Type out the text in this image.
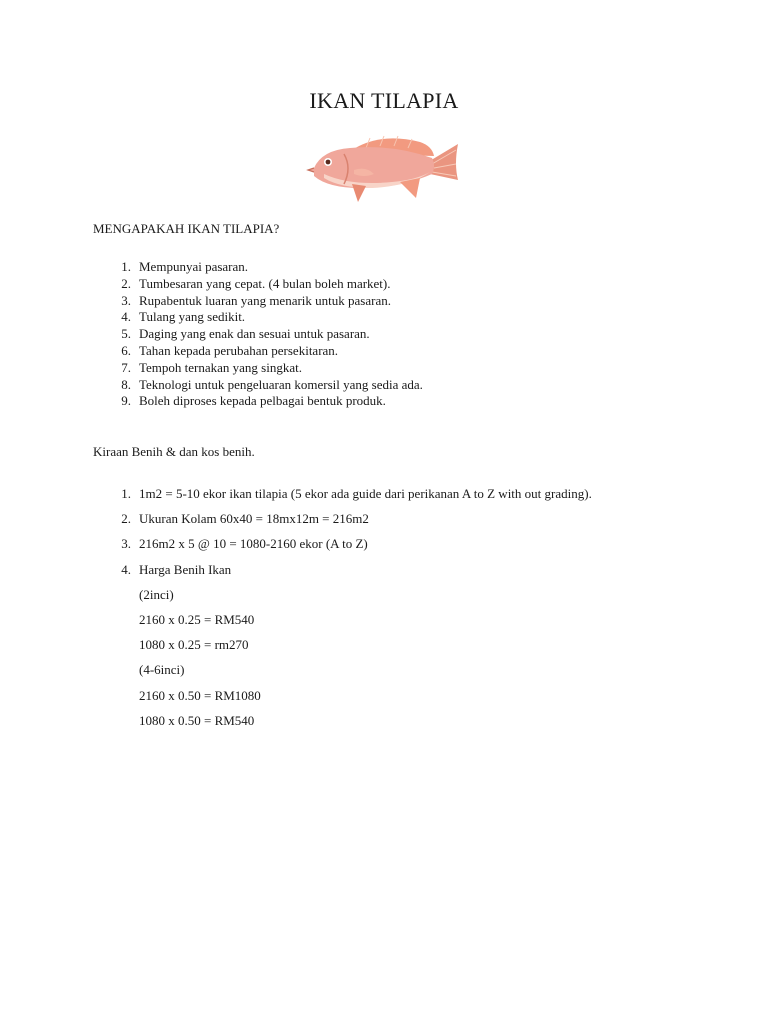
IKAN TILAPIA
MENGAPAKAH IKAN TILAPIA?
1. Mempunyai pasaran.
2. Tumbesaran yang cepat. (4 bulan boleh market).
3. Rupabentuk luaran yang menarik untuk pasaran.
4. Tulang yang sedikit.
5. Daging yang enak dan sesuai untuk pasaran.
6. Tahan kepada perubahan persekitaran.
7. Tempoh ternakan yang singkat.
8. Teknologi untuk pengeluaran komersil yang sedia ada.
9. Boleh diproses kepada pelbagai bentuk produk.
Kiraan Benih & dan kos benih.
1. 1m2 = 5-10 ekor ikan tilapia (5 ekor ada guide dari perikanan A to Z with out grading).
2. Ukuran Kolam 60x40 = 18mx12m = 216m2
3. 216m2 x 5 @ 10 = 1080-2160 ekor (A to Z)
4. Harga Benih Ikan
(2inci)
2160 x 0.25 = RM540
1080 x 0.25 = rm270
(4-6inci)
2160 x 0.50 = RM1080
1080 x 0.50 = RM540
